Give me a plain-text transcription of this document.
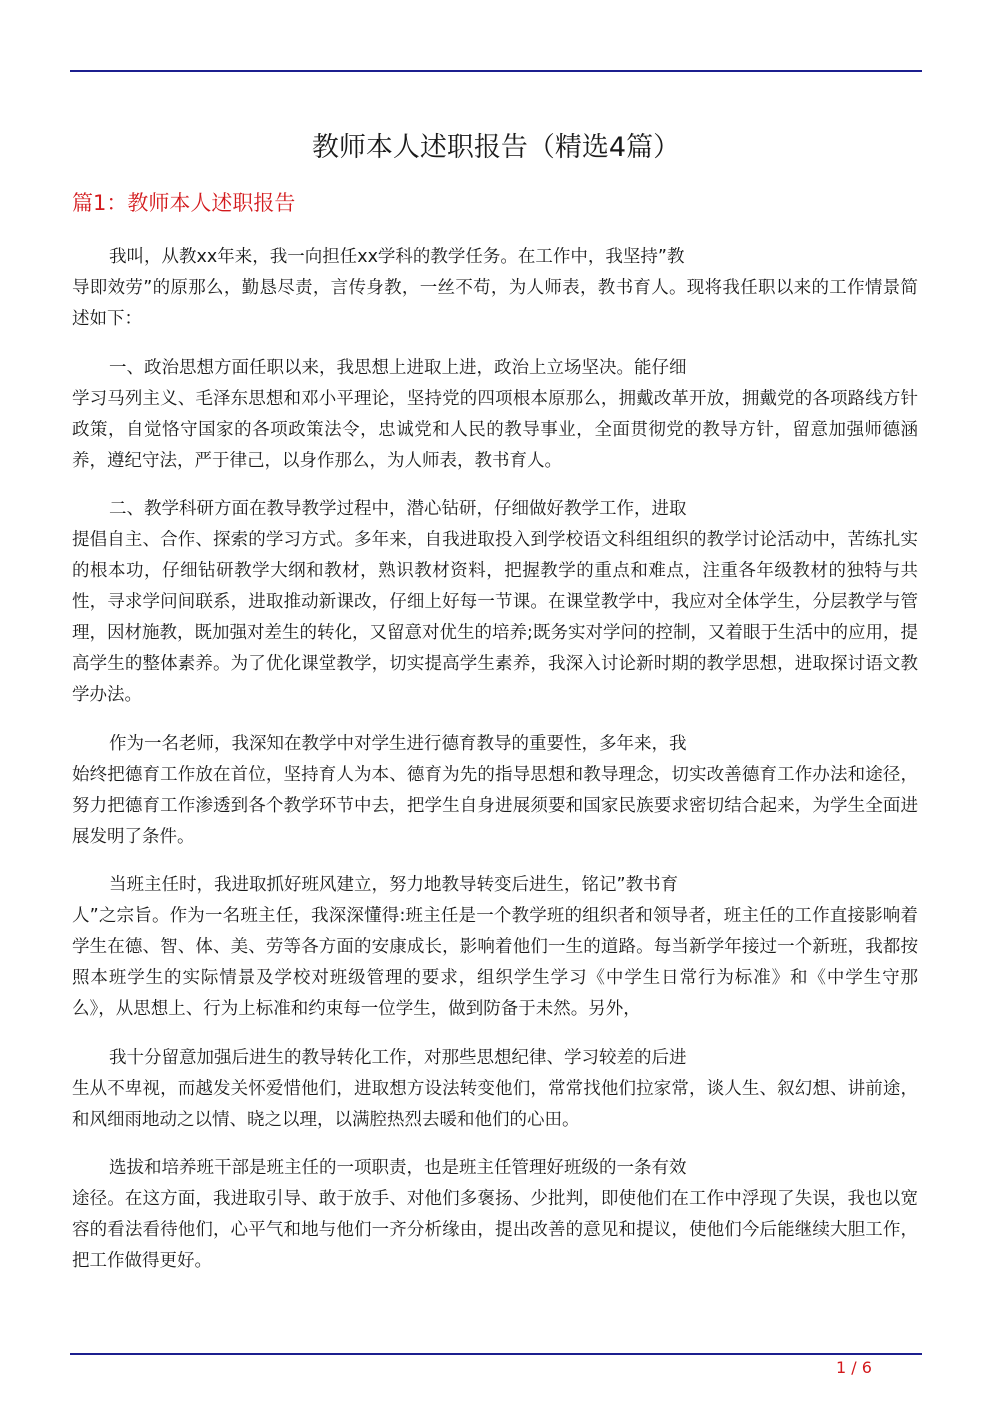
教师本人述职报告（精选4篇）
篇1：教师本人述职报告

我叫，从教xx年来，我一向担任xx学科的教学任务。在工作中，我坚持”教
导即效劳”的原那么，勤恳尽责，言传身教，一丝不苟，为人师表，教书育人。现将我任职以来的工作情景简述如下：

一、政治思想方面任职以来，我思想上进取上进，政治上立场坚决。能仔细
学习马列主义、毛泽东思想和邓小平理论，坚持党的四项根本原那么，拥戴改革开放，拥戴党的各项路线方针政策，自觉恪守国家的各项政策法令，忠诚党和人民的教导事业，全面贯彻党的教导方针，留意加强师德涵养，遵纪守法，严于律己，以身作那么，为人师表，教书育人。

二、教学科研方面在教导教学过程中，潜心钻研，仔细做好教学工作，进取
提倡自主、合作、探索的学习方式。多年来，自我进取投入到学校语文科组组织的教学讨论活动中，苦练扎实的根本功，仔细钻研教学大纲和教材，熟识教材资料，把握教学的重点和难点，注重各年级教材的独特与共性，寻求学问间联系，进取推动新课改，仔细上好每一节课。在课堂教学中，我应对全体学生，分层教学与管理，因材施教，既加强对差生的转化，又留意对优生的培养;既务实对学问的控制，又着眼于生活中的应用，提高学生的整体素养。为了优化课堂教学，切实提高学生素养，我深入讨论新时期的教学思想，进取探讨语文教学办法。

作为一名老师，我深知在教学中对学生进行德育教导的重要性，多年来，我
始终把德育工作放在首位，坚持育人为本、德育为先的指导思想和教导理念，切实改善德育工作办法和途径，努力把德育工作渗透到各个教学环节中去，把学生自身进展须要和国家民族要求密切结合起来，为学生全面进展发明了条件。

当班主任时，我进取抓好班风建立，努力地教导转变后进生，铭记”教书育
人”之宗旨。作为一名班主任，我深深懂得:班主任是一个教学班的组织者和领导者，班主任的工作直接影响着学生在德、智、体、美、劳等各方面的安康成长，影响着他们一生的道路。每当新学年接过一个新班，我都按照本班学生的实际情景及学校对班级管理的要求，组织学生学习《中学生日常行为标准》和《中学生守那么》，从思想上、行为上标准和约束每一位学生，做到防备于未然。另外，

我十分留意加强后进生的教导转化工作，对那些思想纪律、学习较差的后进
生从不卑视，而越发关怀爱惜他们，进取想方设法转变他们，常常找他们拉家常，谈人生、叙幻想、讲前途，和风细雨地动之以情、晓之以理，以满腔热烈去暖和他们的心田。

选拔和培养班干部是班主任的一项职责，也是班主任管理好班级的一条有效
途径。在这方面，我进取引导、敢于放手、对他们多褒扬、少批判，即使他们在工作中浮现了失误，我也以宽容的看法看待他们，心平气和地与他们一齐分析缘由，提出改善的意见和提议，使他们今后能继续大胆工作，把工作做得更好。

1 / 6
